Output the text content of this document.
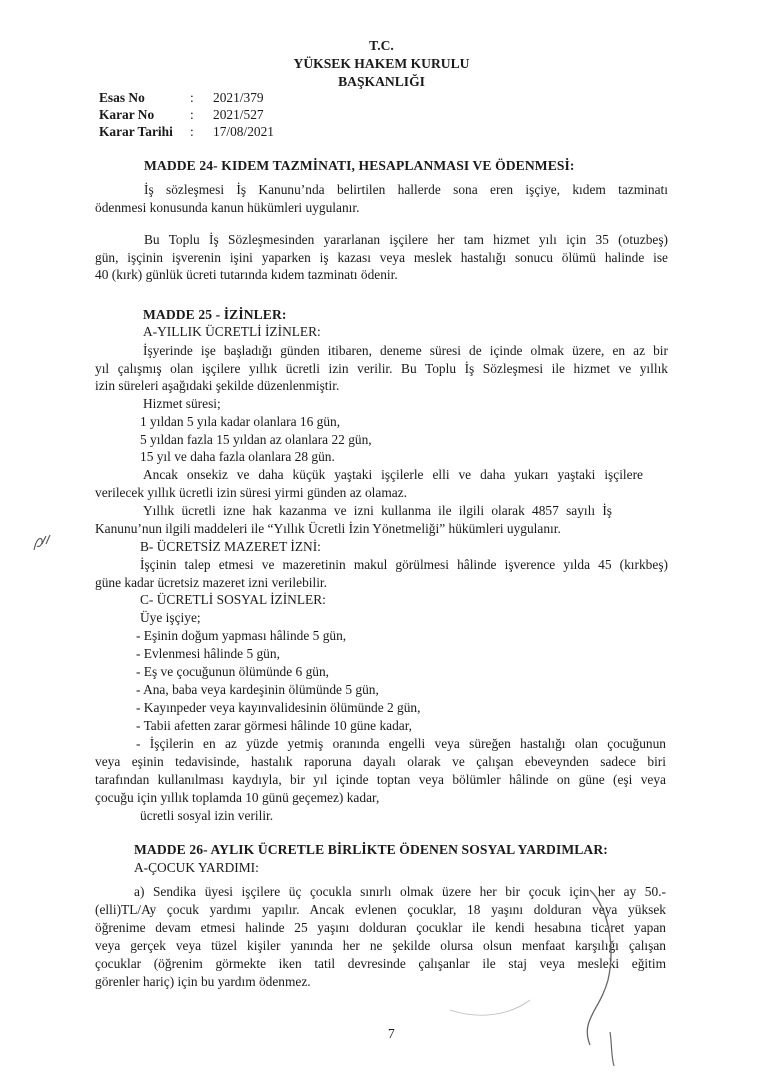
T.C.
YÜKSEK HAKEM KURULU
BAŞKANLIĞI
Esas No	: 2021/379
Karar No	: 2021/527
Karar Tarihi : 17/08/2021
MADDE 24- KIDEM TAZMİNATI, HESAPLANMASI VE ÖDENMESİ:
İş sözleşmesi İş Kanunu’nda belirtilen hallerde sona eren işçiye, kıdem tazminatı
ödenmesi konusunda kanun hükümleri uygulanır.
Bu Toplu İş Sözleşmesinden yararlanan işçilere her tam hizmet yılı için 35 (otuzbeş)
gün, işçinin işverenin işini yaparken iş kazası veya meslek hastalığı sonucu ölümü halinde ise
40 (kırk) günlük ücreti tutarında kıdem tazminatı ödenir.
MADDE 25 - İZİNLER:
A-YILLIK ÜCRETLİ İZİNLER:
İşyerinde işe başladığı günden itibaren, deneme süresi de içinde olmak üzere, en az bir
yıl çalışmış olan işçilere yıllık ücretli izin verilir. Bu Toplu İş Sözleşmesi ile hizmet ve yıllık
izin süreleri aşağıdaki şekilde düzenlenmiştir.
Hizmet süresi;
1 yıldan 5 yıla kadar olanlara 16 gün,
5 yıldan fazla 15 yıldan az olanlara 22 gün,
15 yıl ve daha fazla olanlara 28 gün.
Ancak onsekiz ve daha küçük yaştaki işçilerle elli ve daha yukarı yaştaki işçilere
verilecek yıllık ücretli izin süresi yirmi günden az olamaz.
Yıllık ücretli izne hak kazanma ve izni kullanma ile ilgili olarak 4857 sayılı İş
Kanunu’nun ilgili maddeleri ile “Yıllık Ücretli İzin Yönetmeliği” hükümleri uygulanır.
B- ÜCRETSİZ MAZERET İZNİ:
İşçinin talep etmesi ve mazeretinin makul görülmesi hâlinde işverence yılda 45 (kırkbeş)
güne kadar ücretsiz mazeret izni verilebilir.
C- ÜCRETLİ SOSYAL İZİNLER:
Üye işçiye;
- Eşinin doğum yapması hâlinde 5 gün,
- Evlenmesi hâlinde 5 gün,
- Eş ve çocuğunun ölümünde 6 gün,
- Ana, baba veya kardeşinin ölümünde 5 gün,
- Kayınpeder veya kayınvalidesinin ölümünde 2 gün,
- Tabii afetten zarar görmesi hâlinde 10 güne kadar,
- İşçilerin en az yüzde yetmiş oranında engelli veya süreğen hastalığı olan çocuğunun
veya eşinin tedavisinde, hastalık raporuna dayalı olarak ve çalışan ebeveynden sadece biri
tarafından kullanılması kaydıyla, bir yıl içinde toptan veya bölümler hâlinde on güne (eşi veya
çocuğu için yıllık toplamda 10 günü geçemez) kadar,
ücretli sosyal izin verilir.
MADDE 26- AYLIK ÜCRETLE BİRLİKTE ÖDENEN SOSYAL YARDIMLAR:
A-ÇOCUK YARDIMI:
a) Sendika üyesi işçilere üç çocukla sınırlı olmak üzere her bir çocuk için her ay 50.-
(elli)TL/Ay çocuk yardımı yapılır. Ancak evlenen çocuklar, 18 yaşını dolduran veya yüksek
öğrenime devam etmesi halinde 25 yaşını dolduran çocuklar ile kendi hesabına ticaret yapan
veya gerçek veya tüzel kişiler yanında her ne şekilde olursa olsun menfaat karşılığı çalışan
çocuklar (öğrenim görmekte iken tatil devresinde çalışanlar ile staj veya mesleki eğitim
görenler hariç) için bu yardım ödenmez.
7
